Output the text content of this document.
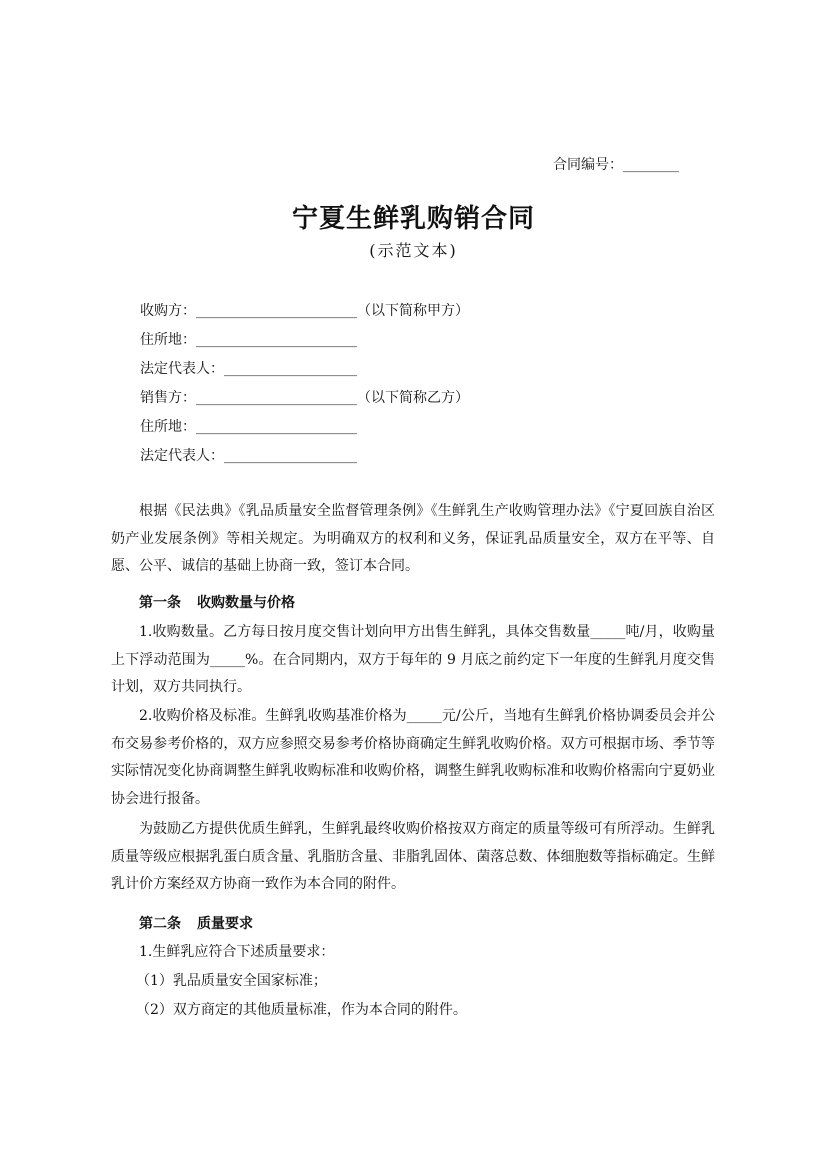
合同编号：________
宁夏生鲜乳购销合同
(示范文本)
收购方：_______________________（以下简称甲方）
住所地：_______________________
法定代表人：___________________
销售方：_______________________（以下简称乙方）
住所地：_______________________
法定代表人：___________________
根据《民法典》《乳品质量安全监督管理条例》《生鲜乳生产收购管理办法》《宁夏回族自治区奶产业发展条例》等相关规定。为明确双方的权利和义务，保证乳品质量安全，双方在平等、自愿、公平、诚信的基础上协商一致，签订本合同。
第一条 收购数量与价格
1.收购数量。乙方每日按月度交售计划向甲方出售生鲜乳，具体交售数量_____吨/月，收购量上下浮动范围为_____%。在合同期内，双方于每年的 9 月底之前约定下一年度的生鲜乳月度交售计划，双方共同执行。
2.收购价格及标准。生鲜乳收购基准价格为_____元/公斤，当地有生鲜乳价格协调委员会并公布交易参考价格的，双方应参照交易参考价格协商确定生鲜乳收购价格。双方可根据市场、季节等实际情况变化协商调整生鲜乳收购标准和收购价格，调整生鲜乳收购标准和收购价格需向宁夏奶业协会进行报备。
为鼓励乙方提供优质生鲜乳，生鲜乳最终收购价格按双方商定的质量等级可有所浮动。生鲜乳质量等级应根据乳蛋白质含量、乳脂肪含量、非脂乳固体、菌落总数、体细胞数等指标确定。生鲜乳计价方案经双方协商一致作为本合同的附件。
第二条 质量要求
1.生鲜乳应符合下述质量要求：
（1）乳品质量安全国家标准；
（2）双方商定的其他质量标准，作为本合同的附件。
